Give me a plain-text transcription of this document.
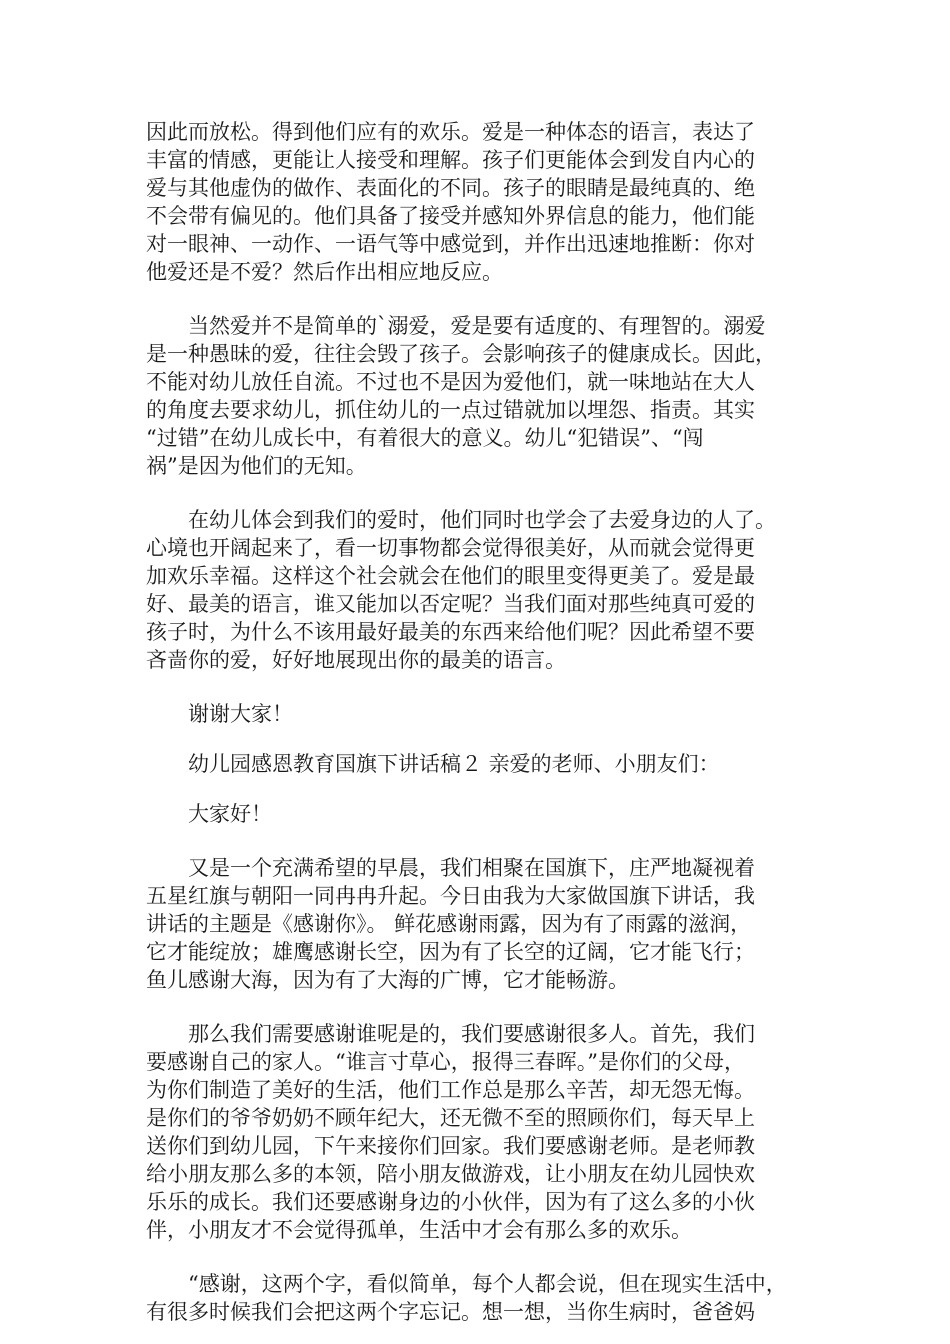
因此而放松。得到他们应有的欢乐。爱是一种体态的语言，表达了
丰富的情感，更能让人接受和理解。孩子们更能体会到发自内心的
爱与其他虚伪的做作、表面化的不同。孩子的眼睛是最纯真的、绝
不会带有偏见的。他们具备了接受并感知外界信息的能力，他们能
对一眼神、一动作、一语气等中感觉到，并作出迅速地推断：你对
他爱还是不爱？然后作出相应地反应。
　　当然爱并不是简单的`溺爱，爱是要有适度的、有理智的。溺爱
是一种愚昧的爱，往往会毁了孩子。会影响孩子的健康成长。因此，
不能对幼儿放任自流。不过也不是因为爱他们，就一味地站在大人
的角度去要求幼儿，抓住幼儿的一点过错就加以埋怨、指责。其实
“过错”在幼儿成长中，有着很大的意义。幼儿“犯错误”、“闯
祸”是因为他们的无知。
　　在幼儿体会到我们的爱时，他们同时也学会了去爱身边的人了。
心境也开阔起来了，看一切事物都会觉得很美好，从而就会觉得更
加欢乐幸福。这样这个社会就会在他们的眼里变得更美了。爱是最
好、最美的语言，谁又能加以否定呢？当我们面对那些纯真可爱的
孩子时，为什么不该用最好最美的东西来给他们呢？因此希望不要
吝啬你的爱，好好地展现出你的最美的语言。
　　谢谢大家！
　　幼儿园感恩教育国旗下讲话稿２ 亲爱的老师、小朋友们：
　　大家好！
　　又是一个充满希望的早晨，我们相聚在国旗下，庄严地凝视着
五星红旗与朝阳一同冉冉升起。今日由我为大家做国旗下讲话，我
讲话的主题是《感谢你》。 鲜花感谢雨露，因为有了雨露的滋润，
它才能绽放；雄鹰感谢长空，因为有了长空的辽阔，它才能飞行；
鱼儿感谢大海，因为有了大海的广博，它才能畅游。
　　那么我们需要感谢谁呢是的，我们要感谢很多人。首先，我们
要感谢自己的家人。“谁言寸草心，报得三春晖。”是你们的父母，
为你们制造了美好的生活，他们工作总是那么辛苦，却无怨无悔。
是你们的爷爷奶奶不顾年纪大，还无微不至的照顾你们，每天早上
送你们到幼儿园，下午来接你们回家。我们要感谢老师。是老师教
给小朋友那么多的本领，陪小朋友做游戏，让小朋友在幼儿园快欢
乐乐的成长。我们还要感谢身边的小伙伴，因为有了这么多的小伙
伴，小朋友才不会觉得孤单，生活中才会有那么多的欢乐。
　　“感谢，这两个字，看似简单，每个人都会说，但在现实生活中，
有很多时候我们会把这两个字忘记。想一想，当你生病时，爸爸妈
